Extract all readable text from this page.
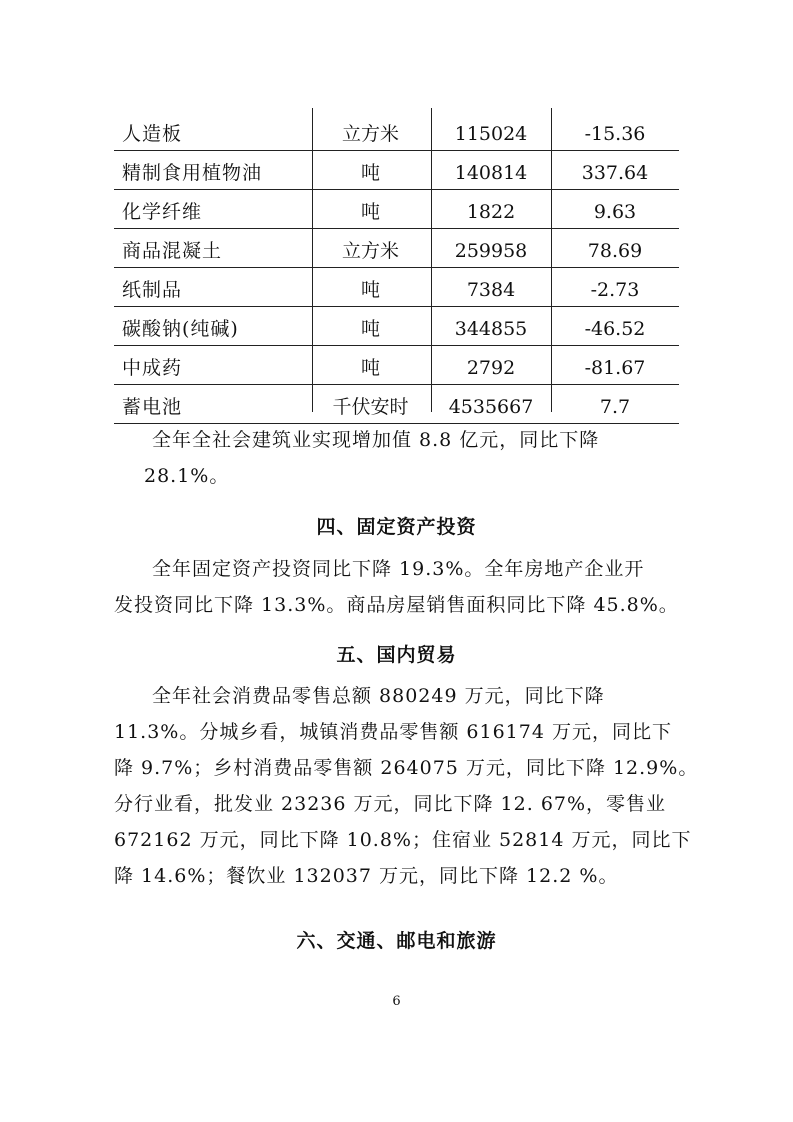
人造板	立方米	115024	-15.36
精制食用植物油	吨	140814	337.64
化学纤维	吨	1822	9.63
商品混凝土	立方米	259958	78.69
纸制品	吨	7384	-2.73
碳酸钠(纯碱)	吨	344855	-46.52
中成药	吨	2792	-81.67
蓄电池	千伏安时	4535667	7.7

全年全社会建筑业实现增加值 8.8 亿元，同比下降
28.1%。

四、固定资产投资

全年固定资产投资同比下降 19.3%。全年房地产企业开
发投资同比下降 13.3%。商品房屋销售面积同比下降 45.8%。

五、国内贸易

全年社会消费品零售总额 880249 万元，同比下降
11.3%。分城乡看，城镇消费品零售额 616174 万元，同比下
降 9.7%；乡村消费品零售额 264075 万元，同比下降 12.9%。
分行业看，批发业 23236 万元，同比下降 12. 67%，零售业
672162 万元，同比下降 10.8%；住宿业 52814 万元，同比下
降 14.6%；餐饮业 132037 万元，同比下降 12.2 %。

六、交通、邮电和旅游
6
